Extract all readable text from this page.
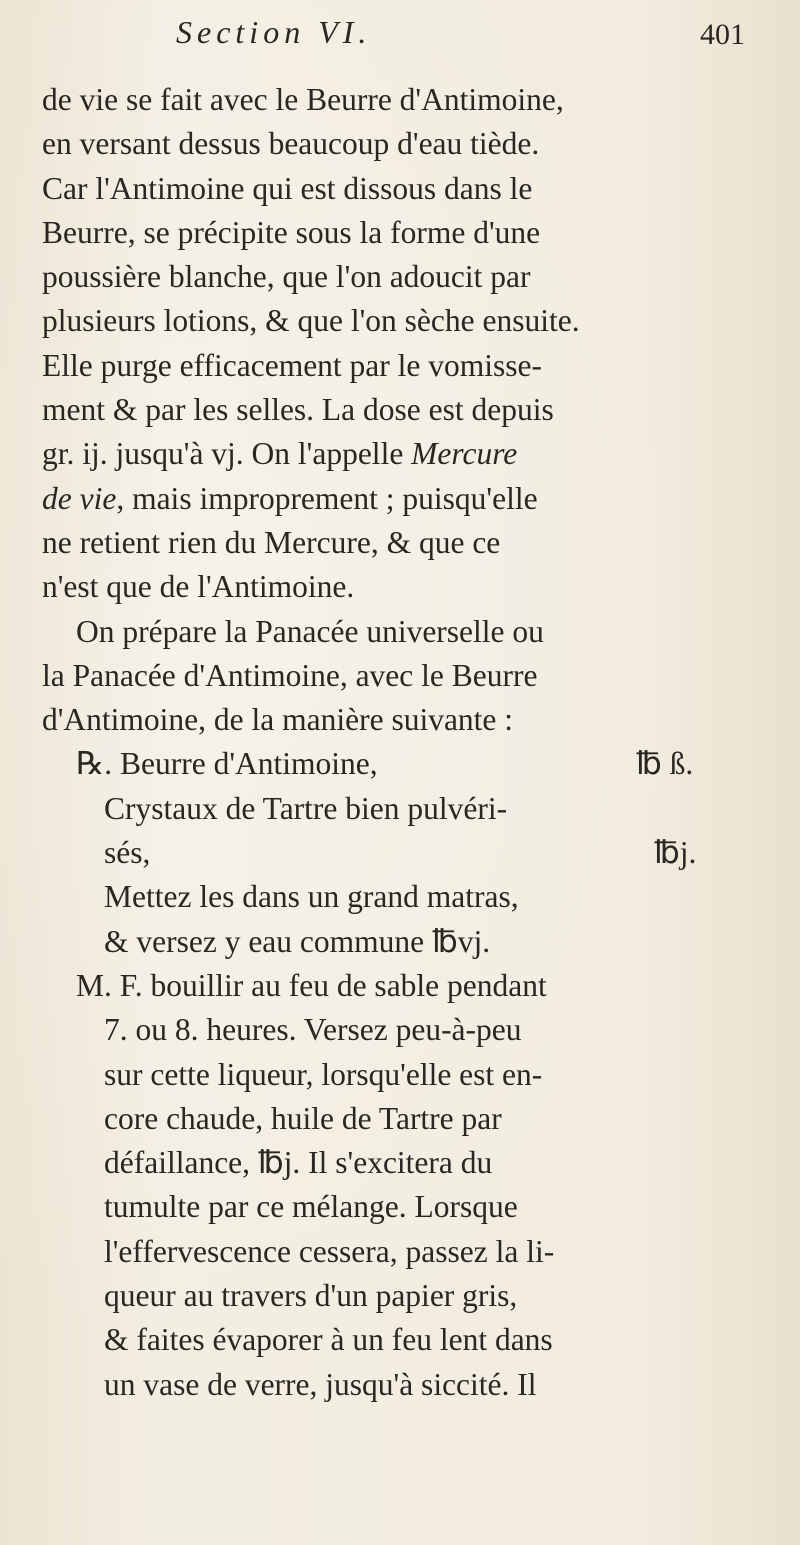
Section VI.	401
de vie se fait avec le Beurre d'Antimoine,
en versant dessus beaucoup d'eau tiède.
Car l'Antimoine qui est dissous dans le
Beurre, se précipite sous la forme d'une
poussière blanche, que l'on adoucit par
plusieurs lotions, & que l'on sèche ensuite.
Elle purge efficacement par le vomisse-
ment & par les selles. La dose est depuis
gr. ij. jusqu'à vj. On l'appelle Mercure
de vie, mais improprement ; puisqu'elle
ne retient rien du Mercure, & que ce
n'est que de l'Antimoine.
On prépare la Panacée universelle ou
la Panacée d'Antimoine, avec le Beurre
d'Antimoine, de la manière suivante :
℞. Beurre d'Antimoine,	℔ ß.
Crystaux de Tartre bien pulvéri-
sés,	℔j.
Mettez les dans un grand matras,
& versez y eau commune ℔vj.
M. F. bouillir au feu de sable pendant
7. ou 8. heures. Versez peu-à-peu
sur cette liqueur, lorsqu'elle est en-
core chaude, huile de Tartre par
défaillance, ℔j. Il s'excitera du
tumulte par ce mélange. Lorsque
l'effervescence cessera, passez la li-
queur au travers d'un papier gris,
& faites évaporer à un feu lent dans
un vase de verre, jusqu'à siccité. Il
